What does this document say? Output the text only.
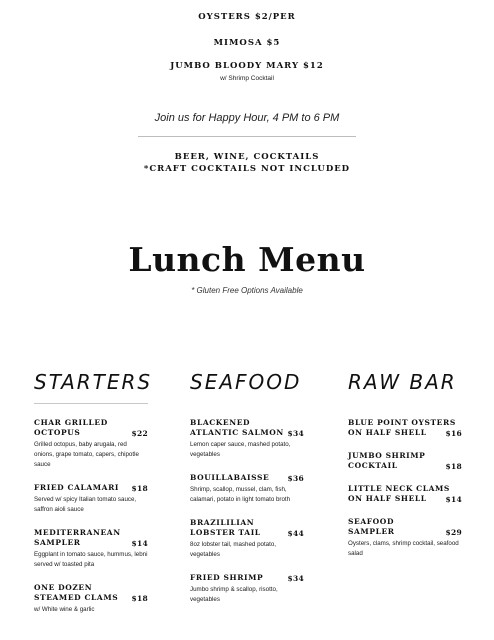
OYSTERS $2/PER
MIMOSA $5
JUMBO BLOODY MARY $12
w/ Shrimp Cocktail
Join us for Happy Hour, 4 PM to 6 PM
BEER, WINE, COCKTAILS
*CRAFT COCKTAILS NOT INCLUDED
Lunch Menu
* Gluten Free Options Available
STARTERS
CHAR GRILLED OCTOPUS	$22
Grilled octopus, baby arugala, red onions, grape tomato, capers, chipotle sauce
FRIED CALAMARI	$18
Served w/ spicy Italian tomato sauce, saffron aioli sauce
MEDITERRANEAN SAMPLER	$14
Eggplant in tomato sauce, hummus, lebni served w/ toasted pita
ONE DOZEN STEAMED CLAMS	$18
w/ White wine & garlic
SEAFOOD
BLACKENED ATLANTIC SALMON $34
Lemon caper sauce, mashed potato, vegetables
BOUILLABAISSE	$36
Shrimp, scallop, mussel, clam, fish, calamari, potato in light tomato broth
BRAZILILIAN LOBSTER TAIL	$44
8oz lobster tail, mashed potato, vegetables
FRIED SHRIMP	$34
Jumbo shrimp & scallop, risotto, vegetables
RAW BAR
BLUE POINT OYSTERS ON HALF SHELL	$16
JUMBO SHRIMP COCKTAIL	$18
LITTLE NECK CLAMS ON HALF SHELL	$14
SEAFOOD SAMPLER	$29
Oysters, clams, shrimp cocktail, seafood salad
